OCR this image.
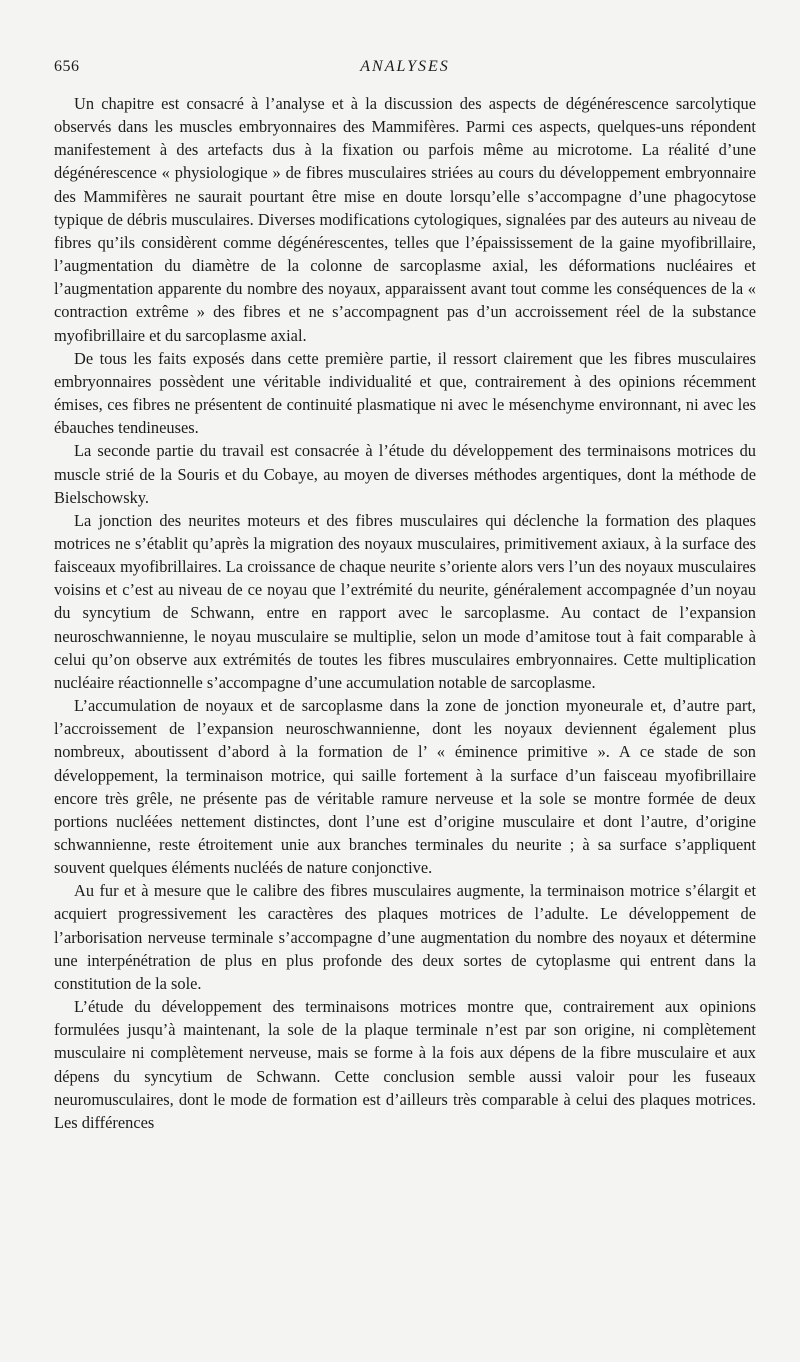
656	ANALYSES

Un chapitre est consacré à l’analyse et à la discussion des aspects de dégénérescence sarcolytique observés dans les muscles embryonnaires des Mammifères. Parmi ces aspects, quelques-uns répondent manifestement à des artefacts dus à la fixation ou parfois même au microtome. La réalité d’une dégénérescence « physiologique » de fibres musculaires striées au cours du développement embryonnaire des Mammifères ne saurait pourtant être mise en doute lorsqu’elle s’accompagne d’une phagocytose typique de débris musculaires. Diverses modifications cytologiques, signalées par des auteurs au niveau de fibres qu’ils considèrent comme dégénérescentes, telles que l’épaississement de la gaine myofibrillaire, l’augmentation du diamètre de la colonne de sarcoplasme axial, les déformations nucléaires et l’augmentation apparente du nombre des noyaux, apparaissent avant tout comme les conséquences de la « contraction extrême » des fibres et ne s’accompagnent pas d’un accroissement réel de la substance myofibrillaire et du sarcoplasme axial.

De tous les faits exposés dans cette première partie, il ressort clairement que les fibres musculaires embryonnaires possèdent une véritable individualité et que, contrairement à des opinions récemment émises, ces fibres ne présentent de continuité plasmatique ni avec le mésenchyme environnant, ni avec les ébauches tendineuses.

La seconde partie du travail est consacrée à l’étude du développement des terminaisons motrices du muscle strié de la Souris et du Cobaye, au moyen de diverses méthodes argentiques, dont la méthode de Bielschowsky.

La jonction des neurites moteurs et des fibres musculaires qui déclenche la formation des plaques motrices ne s’établit qu’après la migration des noyaux musculaires, primitivement axiaux, à la surface des faisceaux myofibrillaires. La croissance de chaque neurite s’oriente alors vers l’un des noyaux musculaires voisins et c’est au niveau de ce noyau que l’extrémité du neurite, généralement accompagnée d’un noyau du syncytium de Schwann, entre en rapport avec le sarcoplasme. Au contact de l’expansion neuroschwannienne, le noyau musculaire se multiplie, selon un mode d’amitose tout à fait comparable à celui qu’on observe aux extrémités de toutes les fibres musculaires embryonnaires. Cette multiplication nucléaire réactionnelle s’accompagne d’une accumulation notable de sarcoplasme.

L’accumulation de noyaux et de sarcoplasme dans la zone de jonction myoneurale et, d’autre part, l’accroissement de l’expansion neuroschwannienne, dont les noyaux deviennent également plus nombreux, aboutissent d’abord à la formation de l’ « éminence primitive ». A ce stade de son développement, la terminaison motrice, qui saille fortement à la surface d’un faisceau myofibrillaire encore très grêle, ne présente pas de véritable ramure nerveuse et la sole se montre formée de deux portions nucléées nettement distinctes, dont l’une est d’origine musculaire et dont l’autre, d’origine schwannienne, reste étroitement unie aux branches terminales du neurite ; à sa surface s’appliquent souvent quelques éléments nucléés de nature conjonctive.

Au fur et à mesure que le calibre des fibres musculaires augmente, la terminaison motrice s’élargit et acquiert progressivement les caractères des plaques motrices de l’adulte. Le développement de l’arborisation nerveuse terminale s’accompagne d’une augmentation du nombre des noyaux et détermine une interpénétration de plus en plus profonde des deux sortes de cytoplasme qui entrent dans la constitution de la sole.

L’étude du développement des terminaisons motrices montre que, contrairement aux opinions formulées jusqu’à maintenant, la sole de la plaque terminale n’est par son origine, ni complètement musculaire ni complètement nerveuse, mais se forme à la fois aux dépens de la fibre musculaire et aux dépens du syncytium de Schwann. Cette conclusion semble aussi valoir pour les fuseaux neuromusculaires, dont le mode de formation est d’ailleurs très comparable à celui des plaques motrices. Les différences
